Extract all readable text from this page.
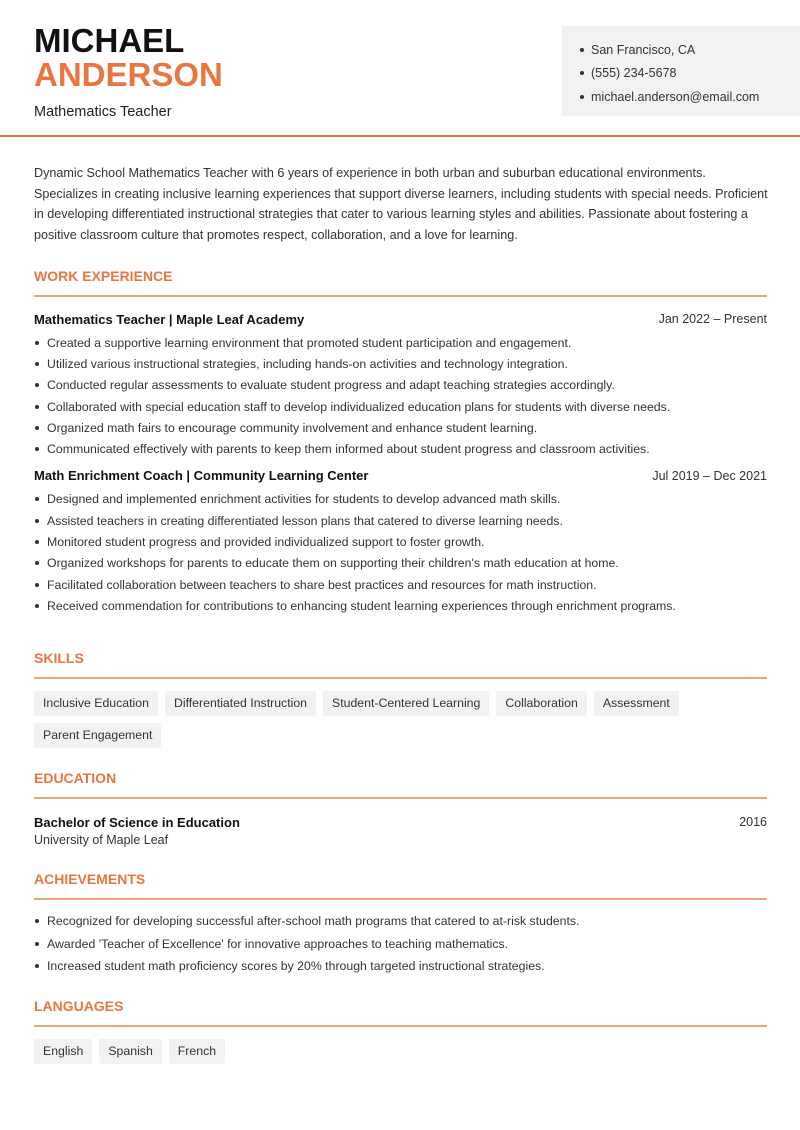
MICHAEL
ANDERSON
Mathematics Teacher
San Francisco, CA
(555) 234-5678
michael.anderson@email.com

Dynamic School Mathematics Teacher with 6 years of experience in both urban and suburban educational environments. Specializes in creating inclusive learning experiences that support diverse learners, including students with special needs. Proficient in developing differentiated instructional strategies that cater to various learning styles and abilities. Passionate about fostering a positive classroom culture that promotes respect, collaboration, and a love for learning.

WORK EXPERIENCE
Mathematics Teacher | Maple Leaf Academy	Jan 2022 – Present
Created a supportive learning environment that promoted student participation and engagement.
Utilized various instructional strategies, including hands-on activities and technology integration.
Conducted regular assessments to evaluate student progress and adapt teaching strategies accordingly.
Collaborated with special education staff to develop individualized education plans for students with diverse needs.
Organized math fairs to encourage community involvement and enhance student learning.
Communicated effectively with parents to keep them informed about student progress and classroom activities.
Math Enrichment Coach | Community Learning Center	Jul 2019 – Dec 2021
Designed and implemented enrichment activities for students to develop advanced math skills.
Assisted teachers in creating differentiated lesson plans that catered to diverse learning needs.
Monitored student progress and provided individualized support to foster growth.
Organized workshops for parents to educate them on supporting their children's math education at home.
Facilitated collaboration between teachers to share best practices and resources for math instruction.
Received commendation for contributions to enhancing student learning experiences through enrichment programs.
SKILLS
Inclusive Education	Differentiated Instruction	Student-Centered Learning	Collaboration	Assessment
Parent Engagement
EDUCATION
Bachelor of Science in Education	2016
University of Maple Leaf
ACHIEVEMENTS
Recognized for developing successful after-school math programs that catered to at-risk students.
Awarded 'Teacher of Excellence' for innovative approaches to teaching mathematics.
Increased student math proficiency scores by 20% through targeted instructional strategies.
LANGUAGES
English	Spanish	French
